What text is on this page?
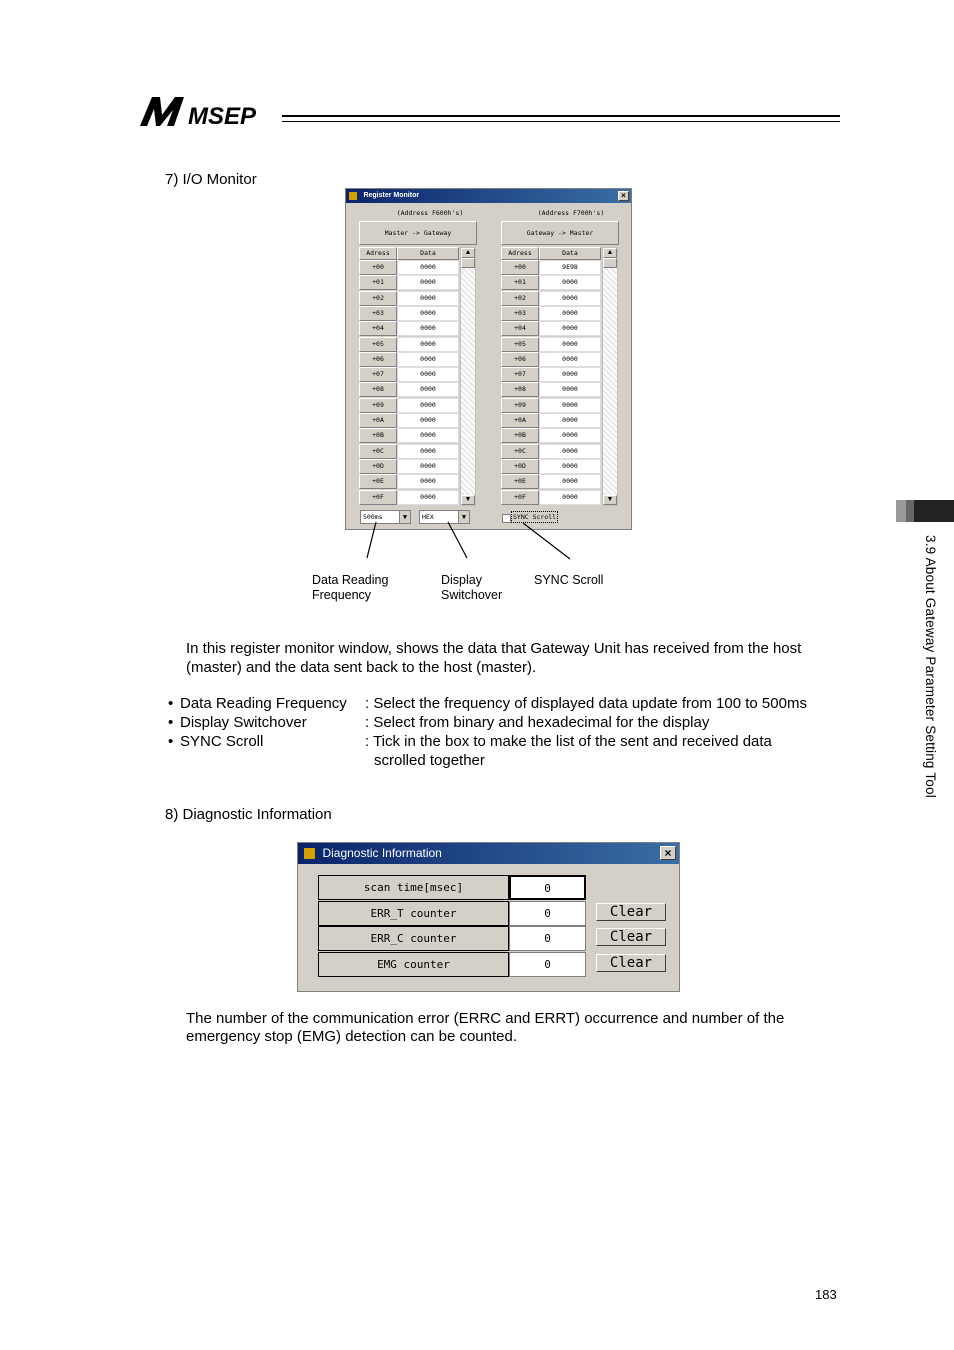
MSEP
3.9 About Gateway Parameter Setting Tool
7) I/O Monitor
$^{Register Monitor}$	×
(Address F600h's)
Master -> Gateway
Adress	Data
+00	0000
+01	0000
+02	0000
+03	0000
+04	0000
+05	0000
+06	0000
+07	0000
+08	0000
+09	0000
+0A	0000
+0B	0000
+0C	0000
+0D	0000
+0E	0000
+0F	0000
▲
▼
(Address F700h's)
Gateway -> Master
Adress	Data
+00	9E98
+01	0000
+02	0000
+03	0000
+04	0000
+05	0000
+06	0000
+07	0000
+08	0000
+09	0000
+0A	0000
+0B	0000
+0C	0000
+0D	0000
+0E	0000
+0F	0000
▲
▼
500ms	▼	HEX	▼	SYNC Scroll
Data Reading
Frequency
Display
Switchover
SYNC Scroll
In this register monitor window, shows the data that Gateway Unit has received from the host
(master) and the data sent back to the host (master).
• Data Reading Frequency : Select the frequency of displayed data update from 100 to 500ms
• Display Switchover	: Select from binary and hexadecimal for the display
• SYNC Scroll	: Tick in the box to make the list of the sent and received data
scrolled together
8) Diagnostic Information
$^{Diagnostic Information}$	×
scan time[msec]	0
ERR_T counter	0	Clear
ERR_C counter	0	Clear
EMG counter	0	Clear
The number of the communication error (ERRC and ERRT) occurrence and number of the
emergency stop (EMG) detection can be counted.
183
